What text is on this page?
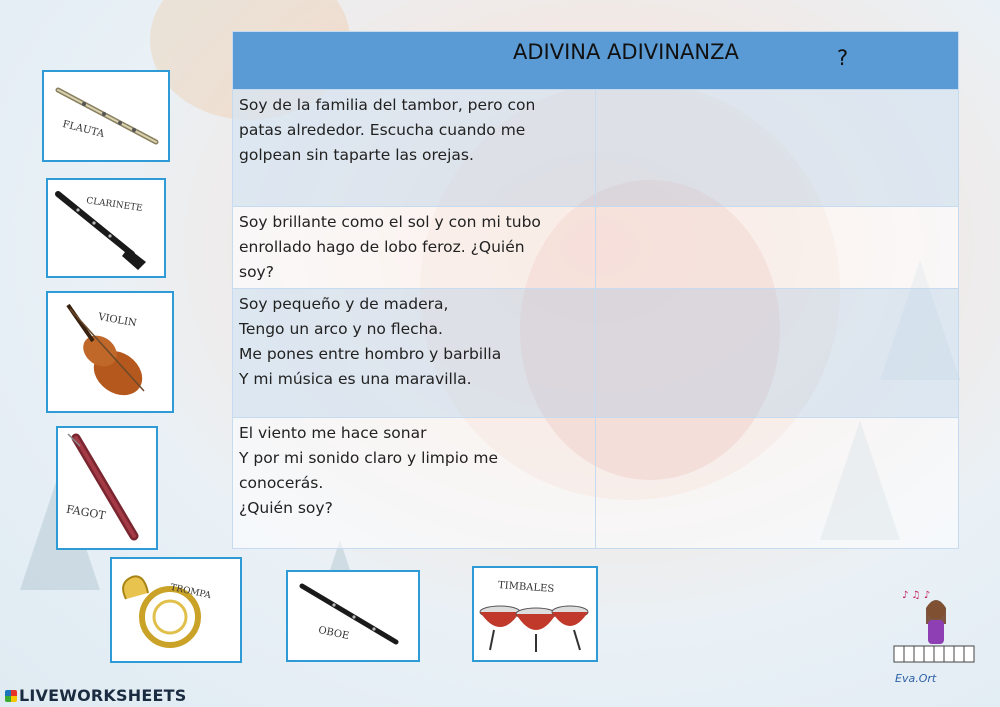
FLAUTA
CLARINETE
VIOLIN
FAGOT
TROMPA
OBOE
TIMBALES
ADIVINA ADIVINANZA ?	

Soy de la familia del tambor, pero con
patas alrededor. Escucha cuando me
golpean sin taparte las orejas.	

Soy brillante como el sol y con mi tubo
enrollado hago de lobo feroz. ¿Quién
soy?	

Soy pequeño y de madera,
Tengo un arco y no flecha.
Me pones entre hombro y barbilla
Y mi música es una maravilla.	

El viento me hace sonar
Y por mi sonido claro y limpio me
conocerás.
¿Quién soy?	

♪ ♫ ♪
LIVEWORKSHEETS
Eva.Ort
